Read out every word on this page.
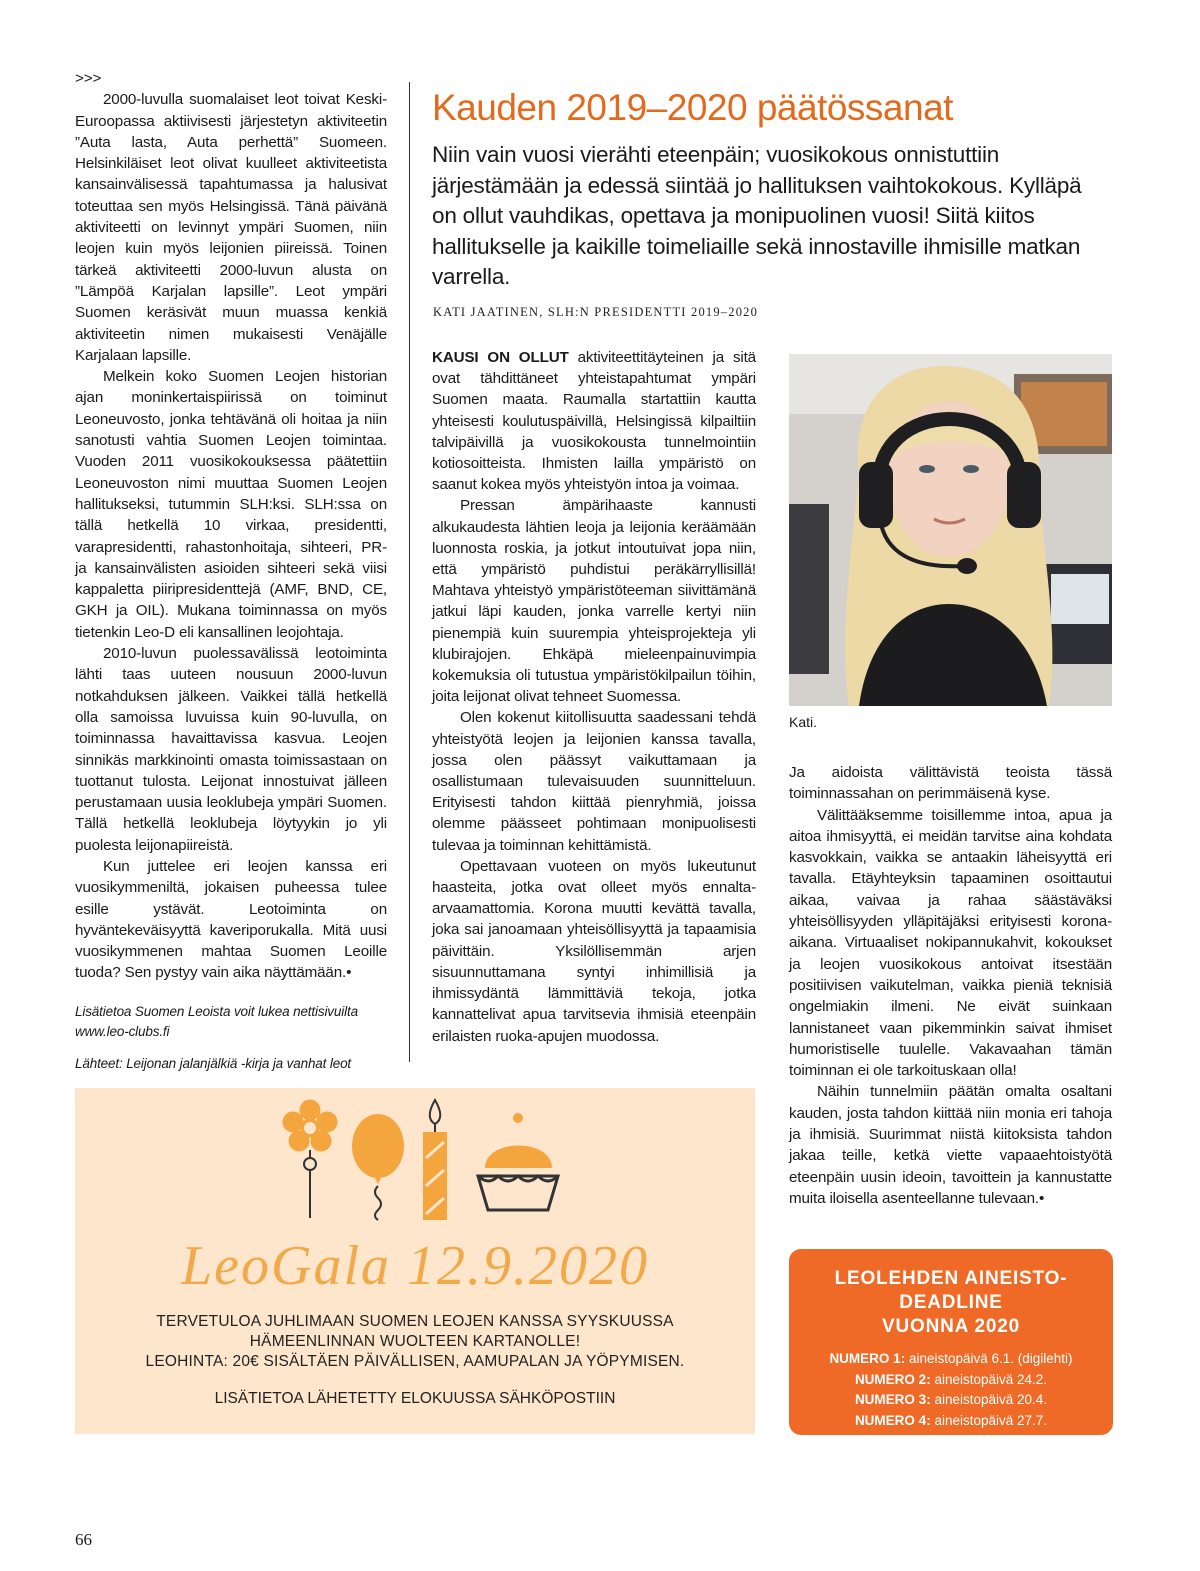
>>>

2000-luvulla suomalaiset leot toivat Keski-Euroopassa aktiivisesti järjestetyn aktiviteetin ”Auta lasta, Auta perhettä” Suomeen. Helsinkiläiset leot olivat kuulleet aktiviteetista kansainvälisessä tapahtumassa ja halusivat toteuttaa sen myös Helsingissä. Tänä päivänä aktiviteetti on levinnyt ympäri Suomen, niin leojen kuin myös leijonien piireissä. Toinen tärkeä aktiviteetti 2000-luvun alusta on ”Lämpöä Karjalan lapsille”. Leot ympäri Suomen keräsivät muun muassa kenkiä aktiviteetin nimen mukaisesti Venäjälle Karjalaan lapsille.

Melkein koko Suomen Leojen historian ajan moninkertaispiirissä on toiminut Leoneuvosto, jonka tehtävänä oli hoitaa ja niin sanotusti vahtia Suomen Leojen toimintaa. Vuoden 2011 vuosikokouksessa päätettiin Leoneuvoston nimi muuttaa Suomen Leojen hallitukseksi, tutummin SLH:ksi. SLH:ssa on tällä hetkellä 10 virkaa, presidentti, varapresidentti, rahastonhoitaja, sihteeri, PR- ja kansainvälisten asioiden sihteeri sekä viisi kappaletta piiripresidenttejä (AMF, BND, CE, GKH ja OIL). Mukana toiminnassa on myös tietenkin Leo-D eli kansallinen leojohtaja.

2010-luvun puolessavälissä leotoiminta lähti taas uuteen nousuun 2000-luvun notkahduksen jälkeen. Vaikkei tällä hetkellä olla samoissa luvuissa kuin 90-luvulla, on toiminnassa havaittavissa kasvua. Leojen sinnikäs markkinointi omasta toimissastaan on tuottanut tulosta. Leijonat innostuivat jälleen perustamaan uusia leoklubeja ympäri Suomen. Tällä hetkellä leoklubeja löytyykin jo yli puolesta leijonapiireistä.

Kun juttelee eri leojen kanssa eri vuosikymmeniltä, jokaisen puheessa tulee esille ystävät. Leotoiminta on hyväntekeväisyyttä kaveriporukalla. Mitä uusi vuosikymmenen mahtaa Suomen Leoille tuoda? Sen pystyy vain aika näyttämään.•

Lisätietoa Suomen Leoista voit lukea nettisivuilta www.leo-clubs.fi

Lähteet: Leijonan jalanjälkiä -kirja ja vanhat leot

Kauden 2019–2020 päätössanat

Niin vain vuosi vierähti eteenpäin; vuosikokous onnistuttiin järjestämään ja edessä siintää jo hallituksen vaihtokokous. Kylläpä on ollut vauhdikas, opettava ja monipuolinen vuosi! Siitä kiitos hallitukselle ja kaikille toimeliaille sekä innostaville ihmisille matkan varrella.

KATI JAATINEN, SLH:N PRESIDENTTI 2019–2020

KAUSI ON OLLUT aktiviteettitäyteinen ja sitä ovat tähdittäneet yhteistapahtumat ympäri Suomen maata. Raumalla startattiin kautta yhteisesti koulutuspäivillä, Helsingissä kilpailtiin talvipäivillä ja vuosikokousta tunnelmointiin kotiosoitteista. Ihmisten lailla ympäristö on saanut kokea myös yhteistyön intoa ja voimaa.

Pressan ämpärihaaste kannusti alkukaudesta lähtien leoja ja leijonia keräämään luonnosta roskia, ja jotkut intoutuivat jopa niin, että ympäristö puhdistui peräkärryllisillä! Mahtava yhteistyö ympäristöteeman siivittämänä jatkui läpi kauden, jonka varrelle kertyi niin pienempiä kuin suurempia yhteisprojekteja yli klubirajojen. Ehkäpä mieleenpainuvimpia kokemuksia oli tutustua ympäristökilpailun töihin, joita leijonat olivat tehneet Suomessa.

Olen kokenut kiitollisuutta saadessani tehdä yhteistyötä leojen ja leijonien kanssa tavalla, jossa olen päässyt vaikuttamaan ja osallistumaan tulevaisuuden suunnitteluun. Erityisesti tahdon kiittää pienryhmiä, joissa olemme päässeet pohtimaan monipuolisesti tulevaa ja toiminnan kehittämistä.

Opettavaan vuoteen on myös lukeutunut haasteita, jotka ovat olleet myös ennalta-arvaamattomia. Korona muutti kevättä tavalla, joka sai janoamaan yhteisöllisyyttä ja tapaamisia päivittäin. Yksilöllisemmän arjen sisuunnuttamana syntyi inhimillisiä ja ihmissydäntä lämmittäviä tekoja, jotka kannattelivat apua tarvitsevia ihmisiä eteenpäin erilaisten ruoka-apujen muodossa.

Kati.

Ja aidoista välittävistä teoista tässä toiminnassahan on perimmäisenä kyse.

Välittääksemme toisillemme intoa, apua ja aitoa ihmisyyttä, ei meidän tarvitse aina kohdata kasvokkain, vaikka se antaakin läheisyyttä eri tavalla. Etäyhteyksin tapaaminen osoittautui aikaa, vaivaa ja rahaa säästäväksi yhteisöllisyyden ylläpitäjäksi erityisesti korona-aikana. Virtuaaliset nokipannukahvit, kokoukset ja leojen vuosikokous antoivat itsestään positiivisen vaikutelman, vaikka pieniä teknisiä ongelmiakin ilmeni. Ne eivät suinkaan lannistaneet vaan pikemminkin saivat ihmiset humoristiselle tuulelle. Vakavaahan tämän toiminnan ei ole tarkoituskaan olla!

Näihin tunnelmiin päätän omalta osaltani kauden, josta tahdon kiittää niin monia eri tahoja ja ihmisiä. Suurimmat niistä kiitoksista tahdon jakaa teille, ketkä viette vapaaehtoistyötä eteenpäin uusin ideoin, tavoittein ja kannustatte muita iloisella asenteellanne tulevaan.•

LeoGala 12.9.2020
TERVETULOA JUHLIMAAN SUOMEN LEOJEN KANSSA SYYSKUUSSA
HÄMEENLINNAN WUOLTEEN KARTANOLLE!
LEOHINTA: 20€ SISÄLTÄEN PÄIVÄLLISEN, AAMUPALAN JA YÖPYMISEN.
LISÄTIETOA LÄHETETTY ELOKUUSSA SÄHKÖPOSTIIN
LEOLEHDEN AINEISTO-DEADLINE
VUONNA 2020
NUMERO 1: aineistopäivä 6.1. (digilehti)
NUMERO 2: aineistopäivä 24.2.
NUMERO 3: aineistopäivä 20.4.
NUMERO 4: aineistopäivä 27.7.
NUMERO 5: aineistopäivä 14.9. (digilehti)
NUMERO 6: aineistopäivä 2.11.
66
